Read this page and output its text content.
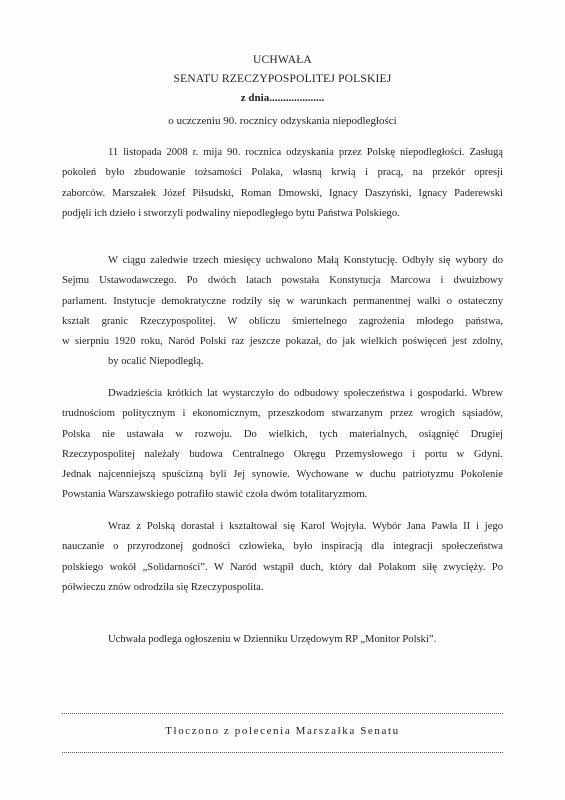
UCHWAŁA
SENATU RZECZYPOSPOLITEJ POLSKIEJ
z dnia....................
o uczczeniu 90. rocznicy odzyskania niepodległości
11 listopada 2008 r. mija 90. rocznica odzyskania przez Polskę niepodległości. Zasługą
pokoleń było zbudowanie tożsamości Polaka, własną krwią i pracą, na przekór opresji
zaborców. Marszałek Józef Piłsudski, Roman Dmowski, Ignacy Daszyński, Ignacy Paderewski
podjęli ich dzieło i stworzyli podwaliny niepodległego bytu Państwa Polskiego.
W ciągu zaledwie trzech miesięcy uchwalono Małą Konstytucję. Odbyły się wybory do
Sejmu Ustawodawczego. Po dwóch latach powstała Konstytucja Marcowa i dwuizbowy
parlament. Instytucje demokratyczne rodziły się w warunkach permanentnej walki o ostateczny
kształt granic Rzeczypospolitej. W obliczu śmiertelnego zagrożenia młodego państwa,
w sierpniu 1920 roku, Naród Polski raz jeszcze pokazał, do jak wielkich poświęceń jest zdolny,
by ocalić Niepodległą.
Dwadzieścia krótkich lat wystarczyło do odbudowy społeczeństwa i gospodarki. Wbrew
trudnościom politycznym i ekonomicznym, przeszkodom stwarzanym przez wrogich sąsiadów,
Polska nie ustawała w rozwoju. Do wielkich, tych materialnych, osiągnięć Drugiej
Rzeczypospolitej należały budowa Centralnego Okręgu Przemysłowego i portu w Gdyni.
Jednak najcenniejszą spuścizną byli Jej synowie. Wychowane w duchu patriotyzmu Pokolenie
Powstania Warszawskiego potrafiło stawić czoła dwóm totalitaryzmom.
Wraz z Polską dorastał i kształtował się Karol Wojtyła. Wybór Jana Pawła II i jego
nauczanie o przyrodzonej godności człowieka, było inspiracją dla integracji społeczeństwa
polskiego wokół „Solidarności”. W Naród wstąpił duch, który dał Polakom siłę zwycięży. Po
półwieczu znów odrodziła się Rzeczypospolita.
Uchwała podlega ogłoszeniu w Dzienniku Urzędowym RP „Monitor Polski”.
Tłoczono z polecenia Marszałka Senatu
